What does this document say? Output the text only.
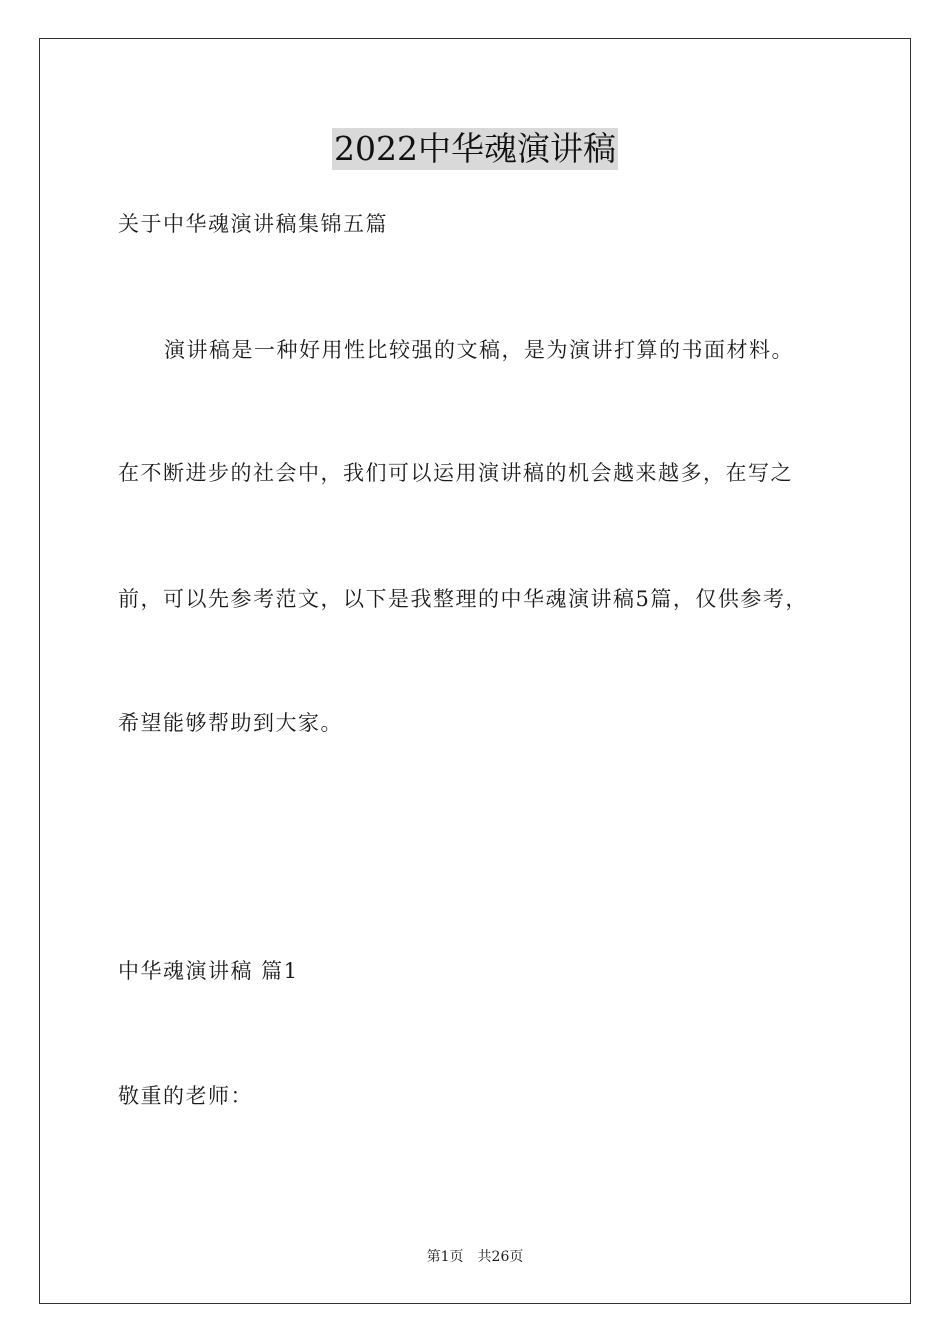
2022中华魂演讲稿
关于中华魂演讲稿集锦五篇
演讲稿是一种好用性比较强的文稿，是为演讲打算的书面材料。
在不断进步的社会中，我们可以运用演讲稿的机会越来越多，在写之
前，可以先参考范文，以下是我整理的中华魂演讲稿5篇，仅供参考，
希望能够帮助到大家。
中华魂演讲稿 篇1
敬重的老师：
第1页 共26页
